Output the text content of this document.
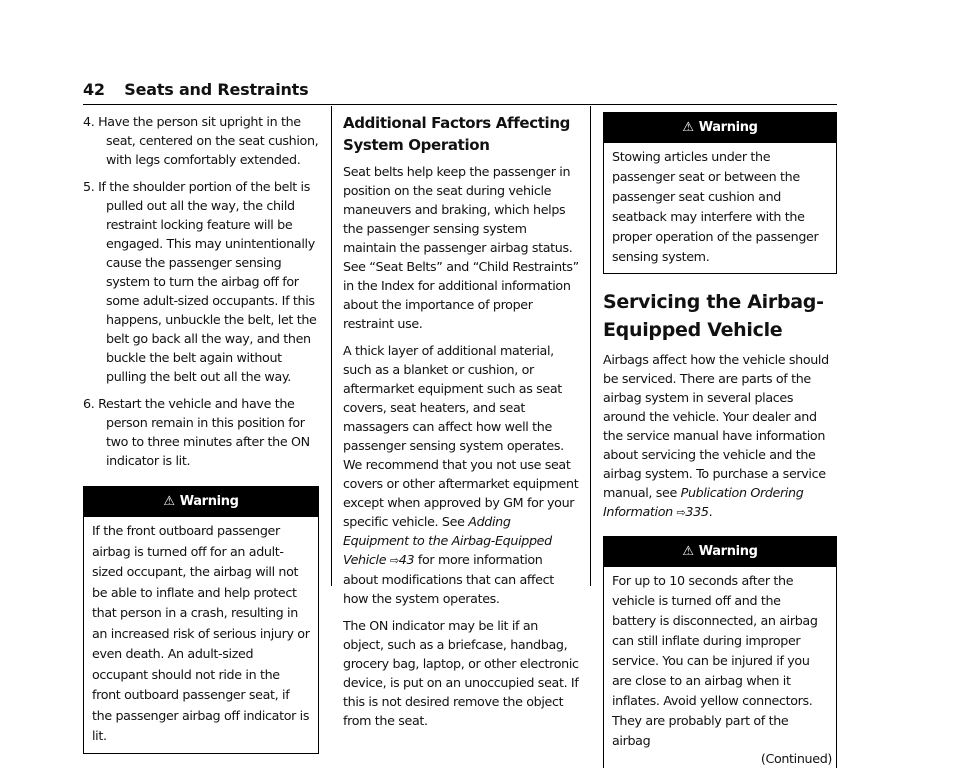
42 Seats and Restraints
4. Have the person sit upright in the seat, centered on the seat cushion, with legs comfortably extended.
5. If the shoulder portion of the belt is pulled out all the way, the child restraint locking feature will be engaged. This may unintentionally cause the passenger sensing system to turn the airbag off for some adult-sized occupants. If this happens, unbuckle the belt, let the belt go back all the way, and then buckle the belt again without pulling the belt out all the way.
6. Restart the vehicle and have the person remain in this position for two to three minutes after the ON indicator is lit.
⚠ Warning
If the front outboard passenger airbag is turned off for an adult-sized occupant, the airbag will not be able to inflate and help protect that person in a crash, resulting in an increased risk of serious injury or even death. An adult-sized occupant should not ride in the front outboard passenger seat, if the passenger airbag off indicator is lit.
Additional Factors Affecting System Operation

Seat belts help keep the passenger in position on the seat during vehicle maneuvers and braking, which helps the passenger sensing system maintain the passenger airbag status. See “Seat Belts” and “Child Restraints” in the Index for additional information about the importance of proper restraint use.

A thick layer of additional material, such as a blanket or cushion, or aftermarket equipment such as seat covers, seat heaters, and seat massagers can affect how well the passenger sensing system operates. We recommend that you not use seat covers or other aftermarket equipment except when approved by GM for your specific vehicle. See Adding Equipment to the Airbag-Equipped Vehicle ⇨43 for more information about modifications that can affect how the system operates.

The ON indicator may be lit if an object, such as a briefcase, handbag, grocery bag, laptop, or other electronic device, is put on an unoccupied seat. If this is not desired remove the object from the seat.

⚠ Warning
Stowing articles under the passenger seat or between the passenger seat cushion and seatback may interfere with the proper operation of the passenger sensing system.
Servicing the Airbag-Equipped Vehicle

Airbags affect how the vehicle should be serviced. There are parts of the airbag system in several places around the vehicle. Your dealer and the service manual have information about servicing the vehicle and the airbag system. To purchase a service manual, see Publication Ordering Information ⇨335.

⚠ Warning
For up to 10 seconds after the vehicle is turned off and the battery is disconnected, an airbag can still inflate during improper service. You can be injured if you are close to an airbag when it inflates. Avoid yellow connectors. They are probably part of the airbag
(Continued)
